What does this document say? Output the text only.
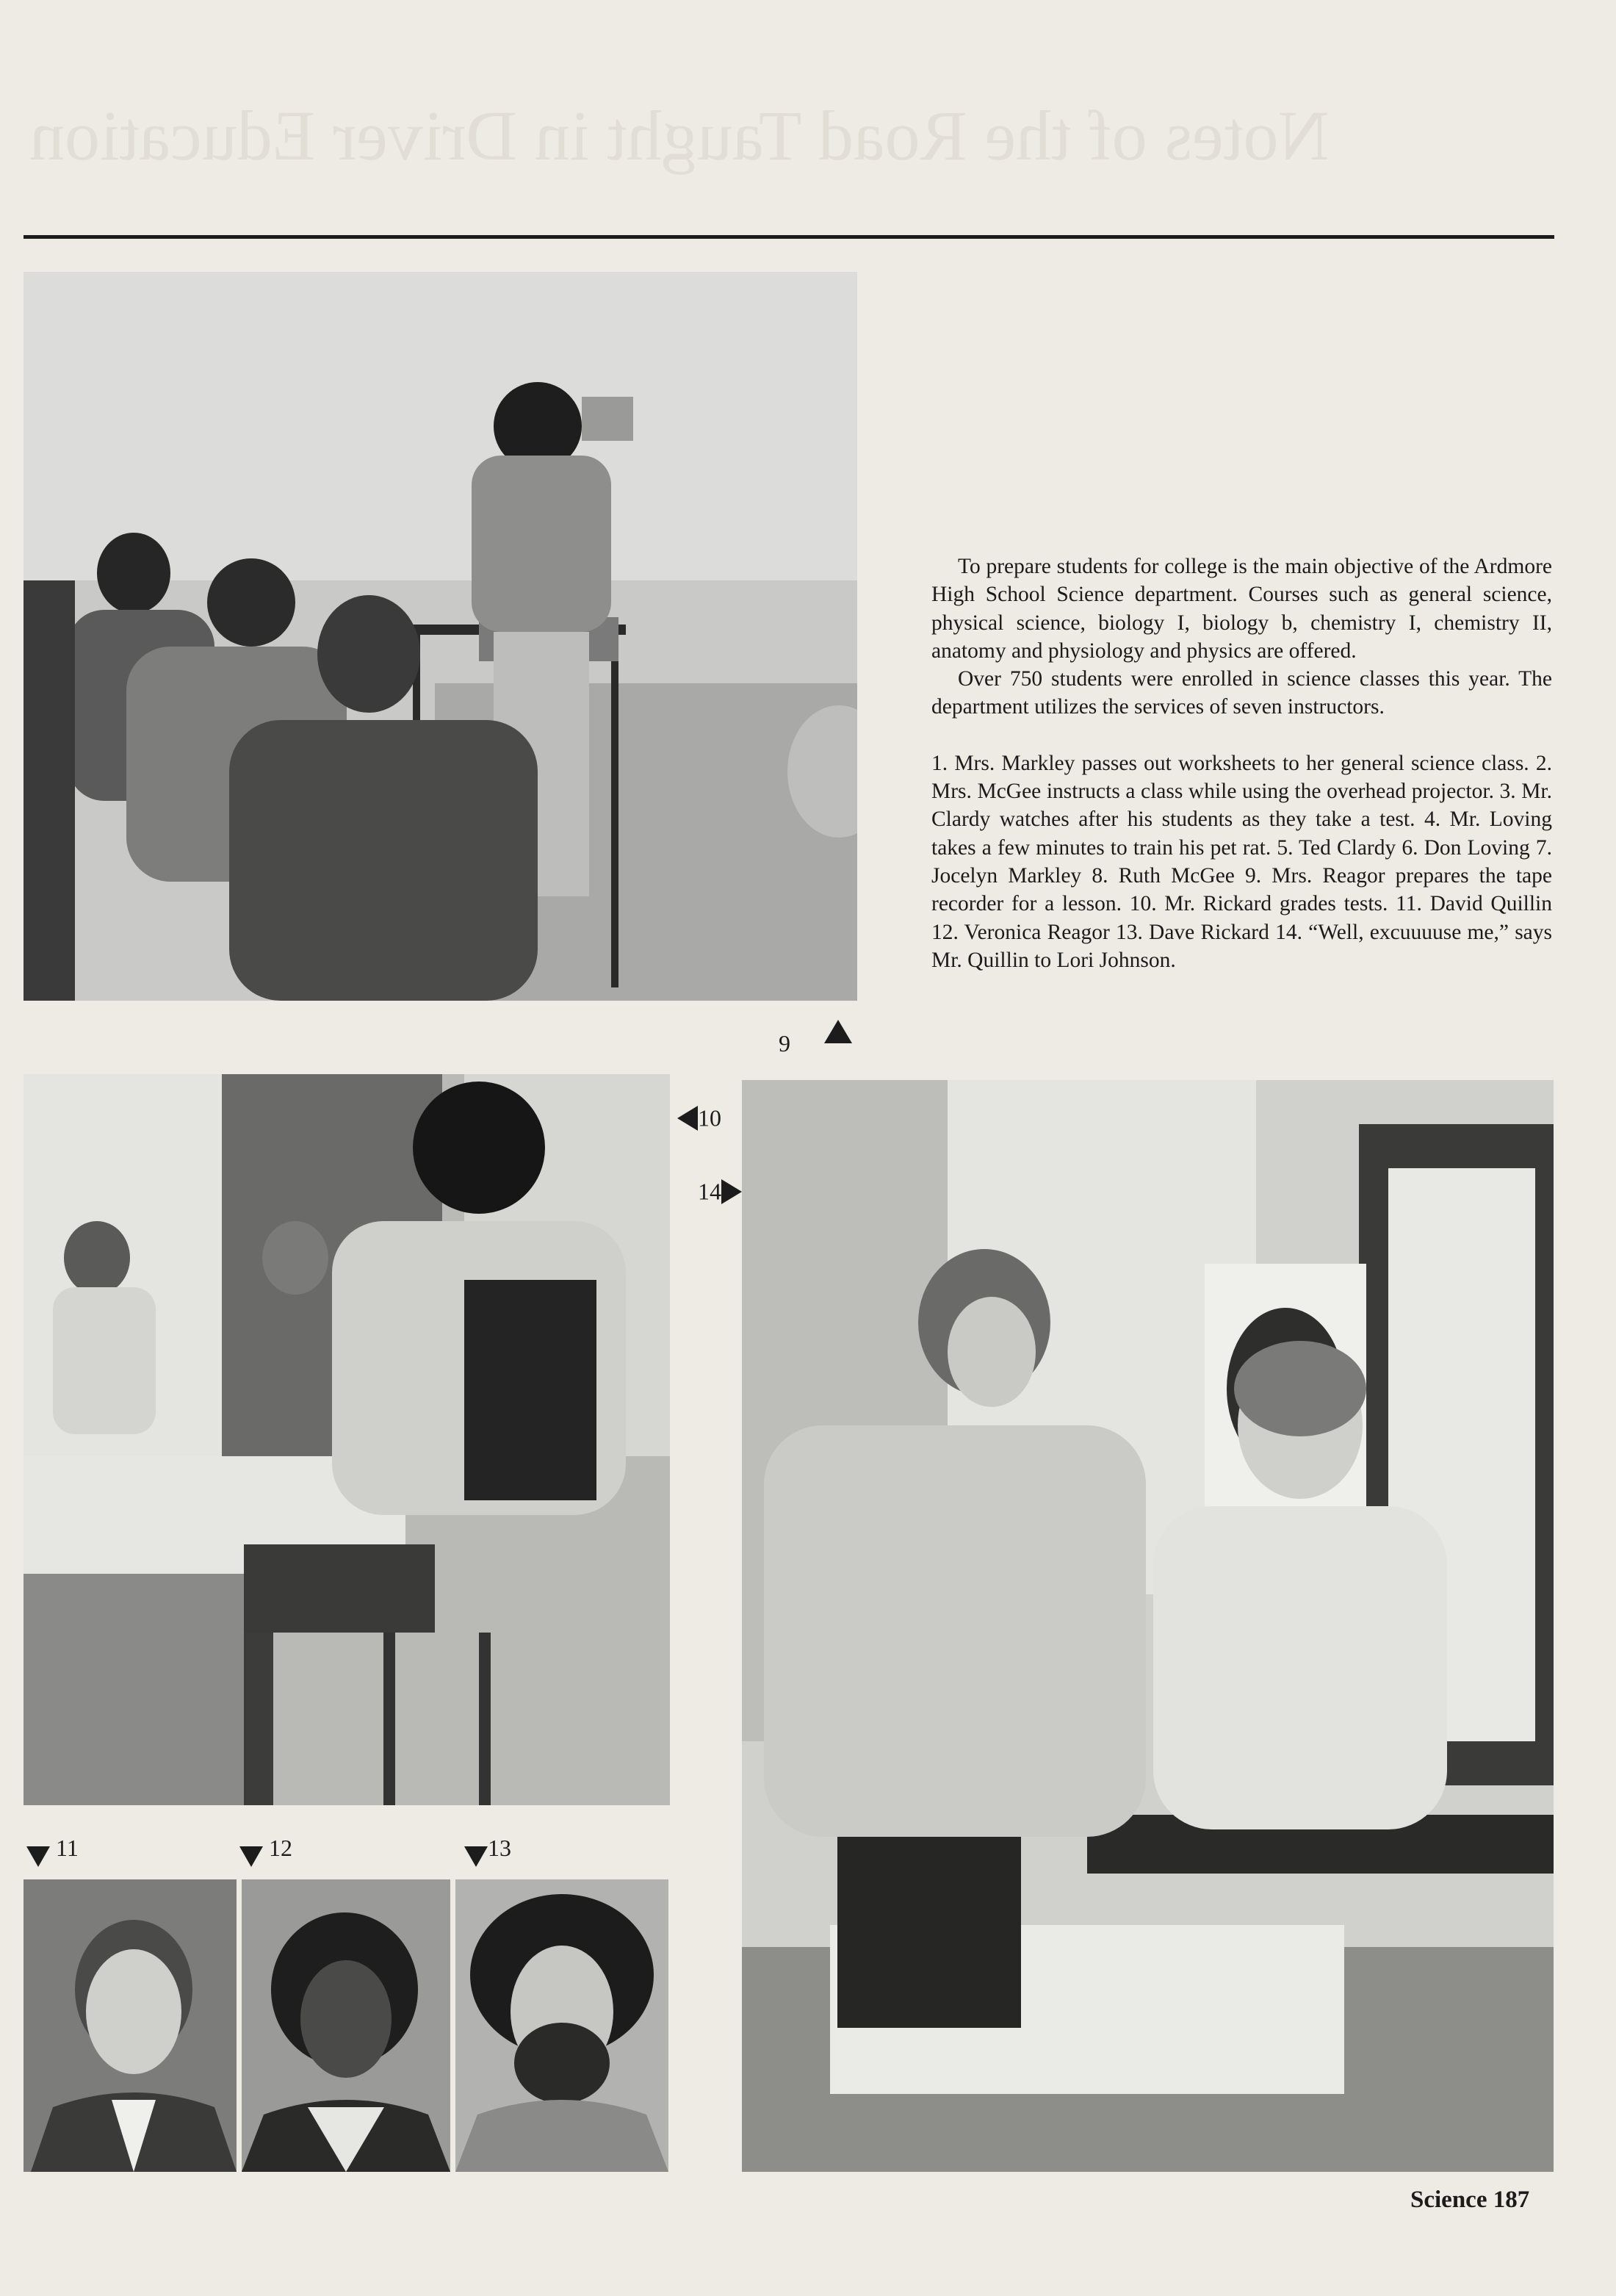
Notes of the Road Taught in Driver Education

To prepare students for college is the main objective of the Ardmore High School Science department. Courses such as general science, physical science, biology I, biology b, chemistry I, chemistry II, anatomy and physiology and physics are offered.

Over 750 students were enrolled in science classes this year. The department utilizes the services of seven instructors.

1. Mrs. Markley passes out worksheets to her general science class. 2. Mrs. McGee instructs a class while using the overhead projector. 3. Mr. Clardy watches after his students as they take a test. 4. Mr. Loving takes a few minutes to train his pet rat. 5. Ted Clardy 6. Don Loving 7. Jocelyn Markley 8. Ruth McGee 9. Mrs. Reagor prepares the tape recorder for a lesson. 10. Mr. Rickard grades tests. 11. David Quillin 12. Veronica Reagor 13. Dave Rickard 14. “Well, excuuuuse me,” says Mr. Quillin to Lori Johnson.

9
10
14
11	12	13
Science 187
